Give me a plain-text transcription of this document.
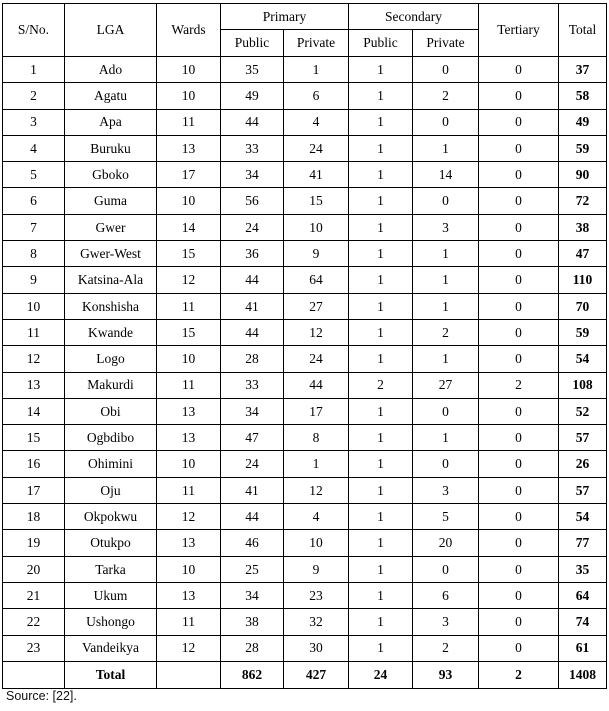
S/No.	LGA	Wards	Primary		Secondary		Tertiary	Total
			Public	Private	Public	Private		
1	Ado	10	35	1	1	0	0	37
2	Agatu	10	49	6	1	2	0	58
3	Apa	11	44	4	1	0	0	49
4	Buruku	13	33	24	1	1	0	59
5	Gboko	17	34	41	1	14	0	90
6	Guma	10	56	15	1	0	0	72
7	Gwer	14	24	10	1	3	0	38
8	Gwer-West	15	36	9	1	1	0	47
9	Katsina-Ala	12	44	64	1	1	0	110
10	Konshisha	11	41	27	1	1	0	70
11	Kwande	15	44	12	1	2	0	59
12	Logo	10	28	24	1	1	0	54
13	Makurdi	11	33	44	2	27	2	108
14	Obi	13	34	17	1	0	0	52
15	Ogbdibo	13	47	8	1	1	0	57
16	Ohimini	10	24	1	1	0	0	26
17	Oju	11	41	12	1	3	0	57
18	Okpokwu	12	44	4	1	5	0	54
19	Otukpo	13	46	10	1	20	0	77
20	Tarka	10	25	9	1	0	0	35
21	Ukum	13	34	23	1	6	0	64
22	Ushongo	11	38	32	1	3	0	74
23	Vandeikya	12	28	30	1	2	0	61
	Total		862	427	24	93	2	1408
Source: [22].
